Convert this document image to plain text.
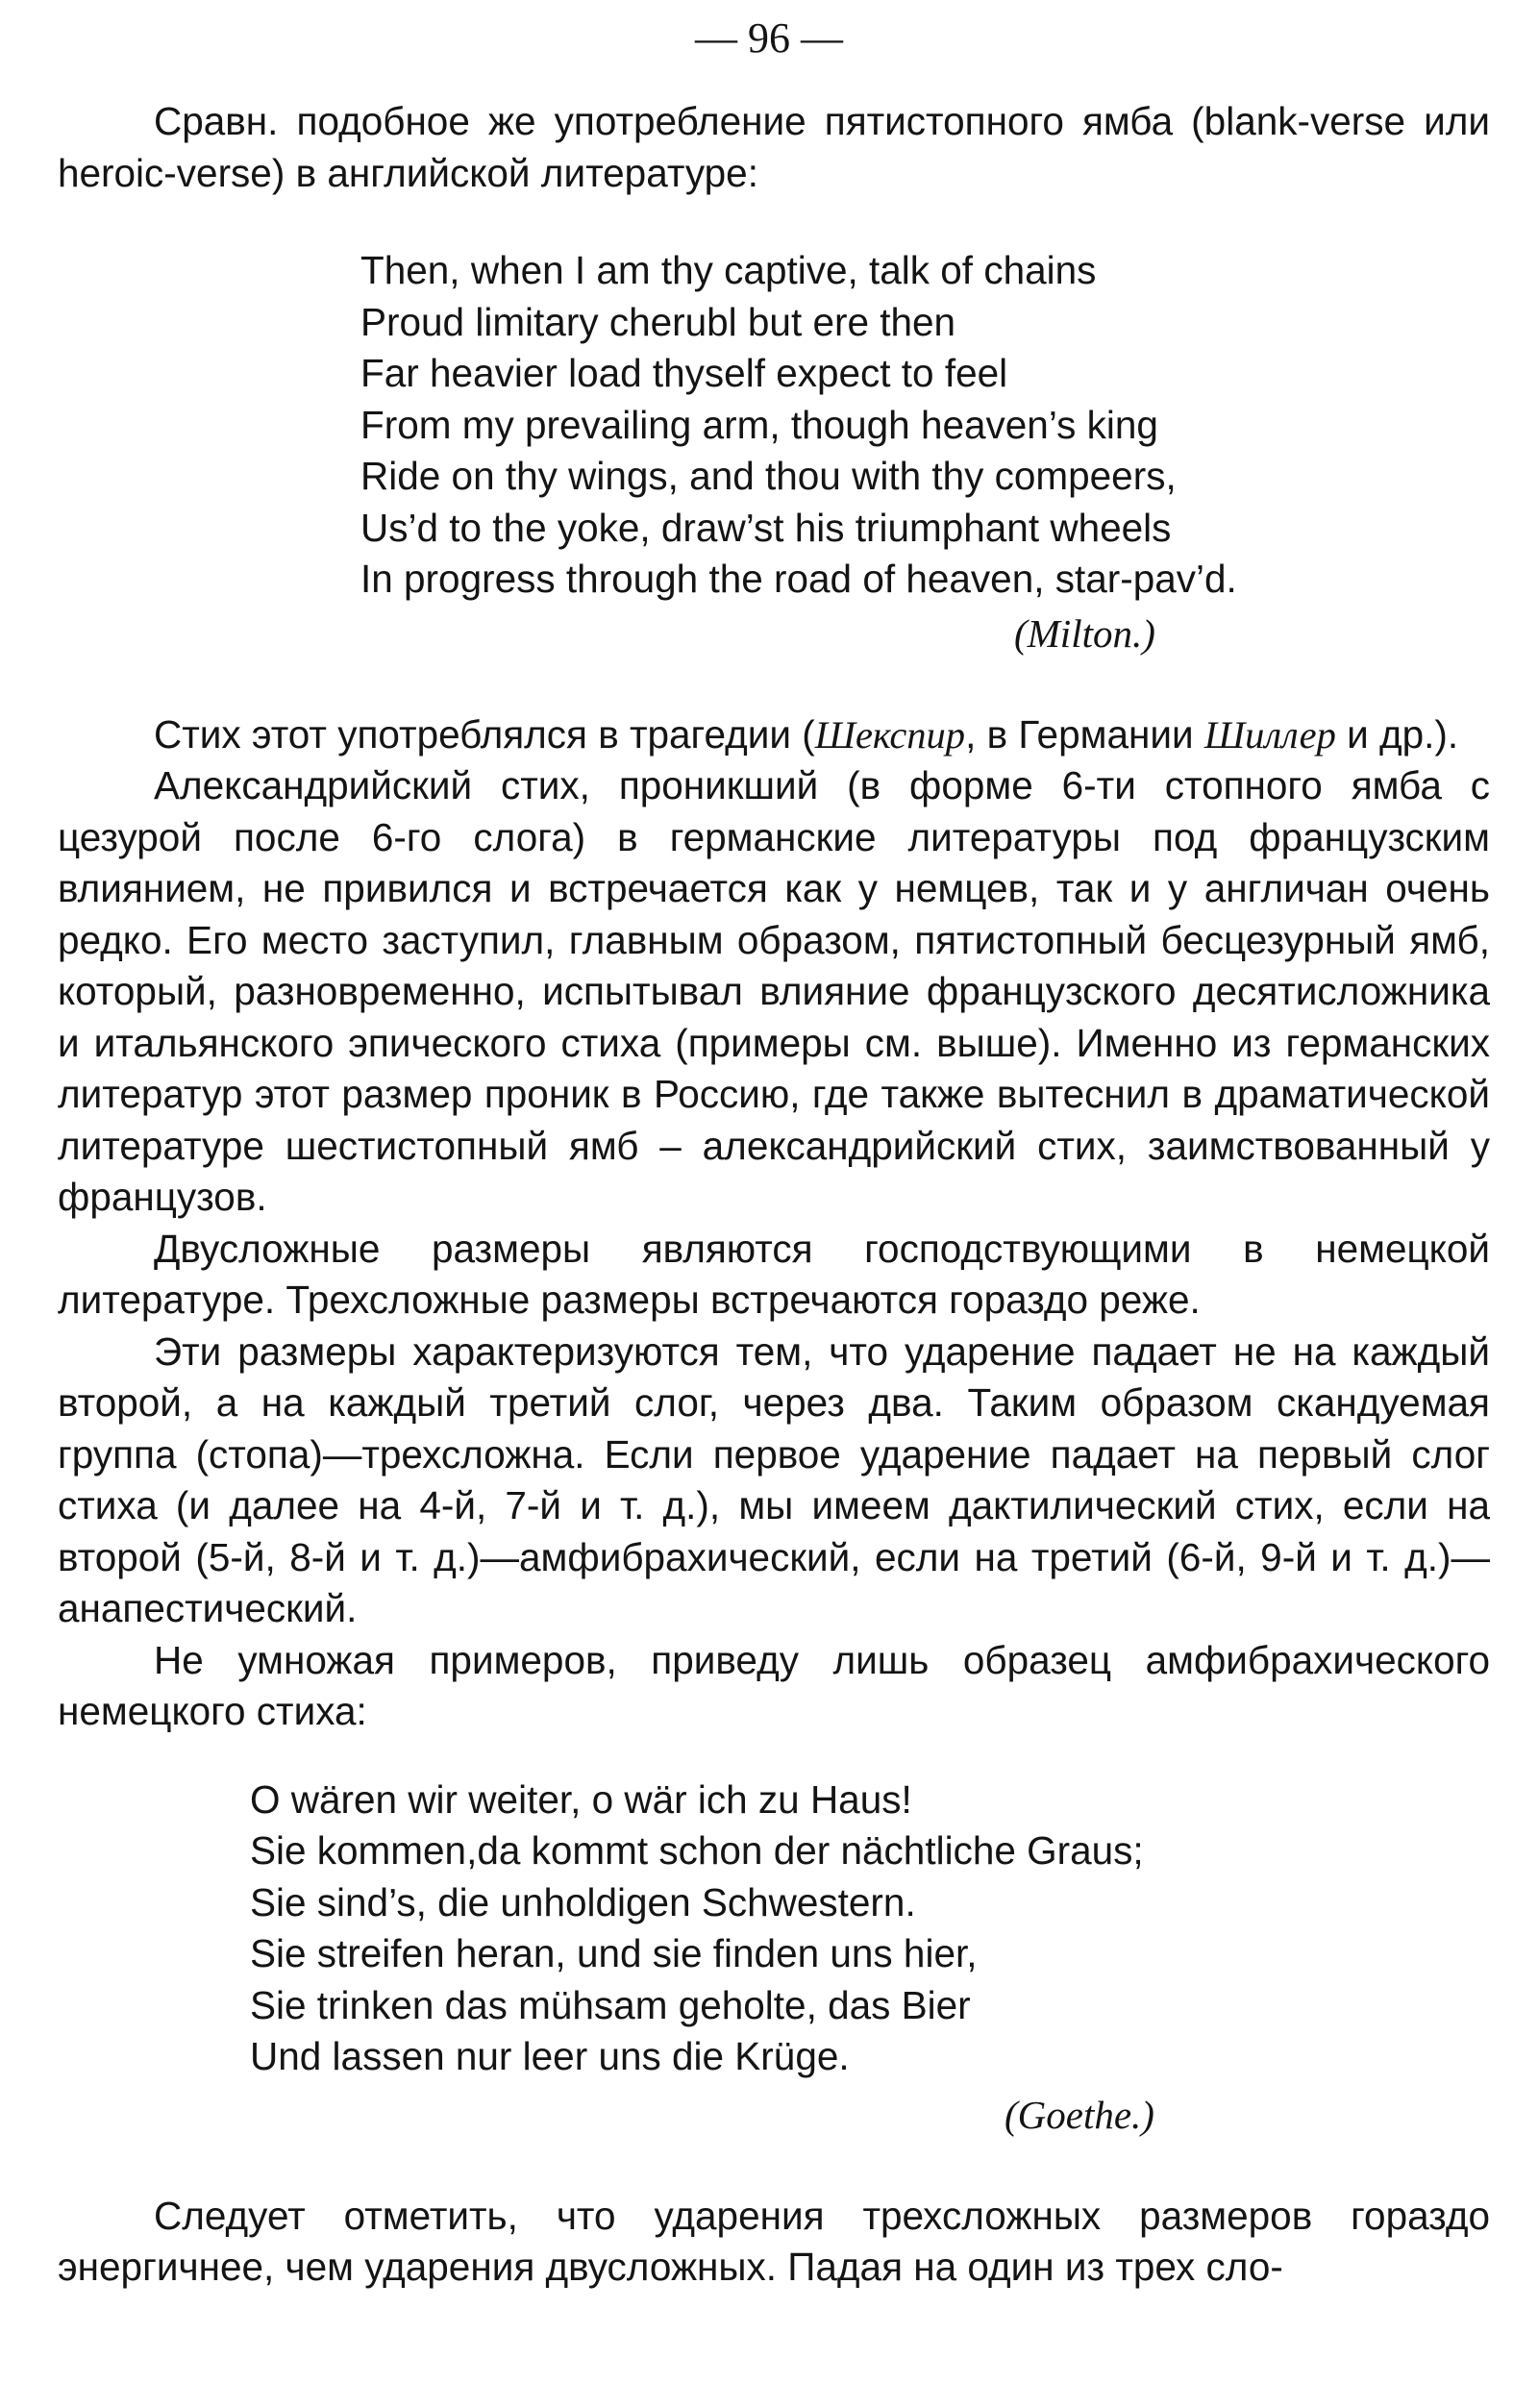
— 96 —

Сравн. подобное же употребление пятистопного ямба (blank-verse или heroic-verse) в английской литературе:

Then, when I am thy captive, talk of chains
Proud limitary cherubl but ere then
Far heavier load thyself expect to feel
From my prevailing arm, though heaven’s king
Ride on thy wings, and thou with thy compeers,
Us’d to the yoke, draw’st his triumphant wheels
In progress through the road of heaven, star-pav’d.
(Milton.)

Стих этот употреблялся в трагедии (Шекспир, в Германии Шиллер и др.).

Александрийский стих, проникший (в форме 6-ти стопного ямба с цезурой после 6-го слога) в германские литературы под французским влиянием, не привился и встречается как у немцев, так и у англичан очень редко. Его место заступил, главным образом, пятистопный бесцезурный ямб, который, разновременно, испытывал влияние французского десятисложника и итальянского эпического стиха (примеры см. выше). Именно из германских литератур этот размер проник в Россию, где также вытеснил в драматической литературе шестистопный ямб – александрийский стих, заимствованный у французов.

Двусложные размеры являются господствующими в немецкой литературе. Трехсложные размеры встречаются гораздо реже.

Эти размеры характеризуются тем, что ударение падает не на каждый второй, а на каждый третий слог, через два. Таким образом скандуемая группа (стопа)—трехсложна. Если первое ударение падает на первый слог стиха (и далее на 4-й, 7-й и т. д.), мы имеем дактилический стих, если на второй (5-й, 8-й и т. д.)—амфибрахический, если на третий (6-й, 9-й и т. д.)—анапестический.

Не умножая примеров, приведу лишь образец амфибрахического немецкого стиха:

O wären wir weiter, o wär ich zu Haus!
Sie kommen,da kommt schon der nächtliche Graus;
Sie sind’s, die unholdigen Schwestern.
Sie streifen heran, und sie finden uns hier,
Sie trinken das mühsam geholte, das Bier
Und lassen nur leer uns die Krüge.
(Goethe.)

Следует отметить, что ударения трехсложных размеров гораздо энергичнее, чем ударения двусложных. Падая на один из трех сло-
